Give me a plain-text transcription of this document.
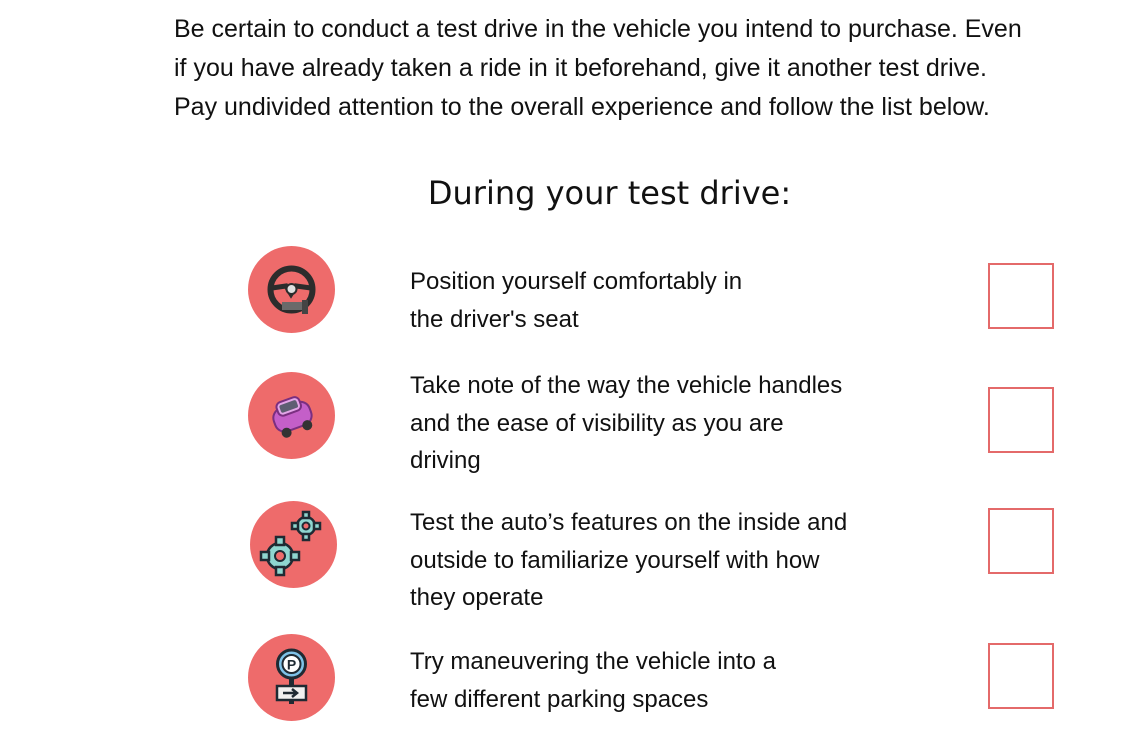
Be certain to conduct a test drive in the vehicle you intend to purchase. Even

if you have already taken a ride in it beforehand, give it another test drive.

Pay undivided attention to the overall experience and follow the list below.

During your test drive:
Position yourself comfortably in
the driver's seat
Take note of the way the vehicle handles
and the ease of visibility as you are
driving
Test the auto’s features on the inside and
outside to familiarize yourself with how
they operate
P	Try maneuvering the vehicle into a
few different parking spaces
